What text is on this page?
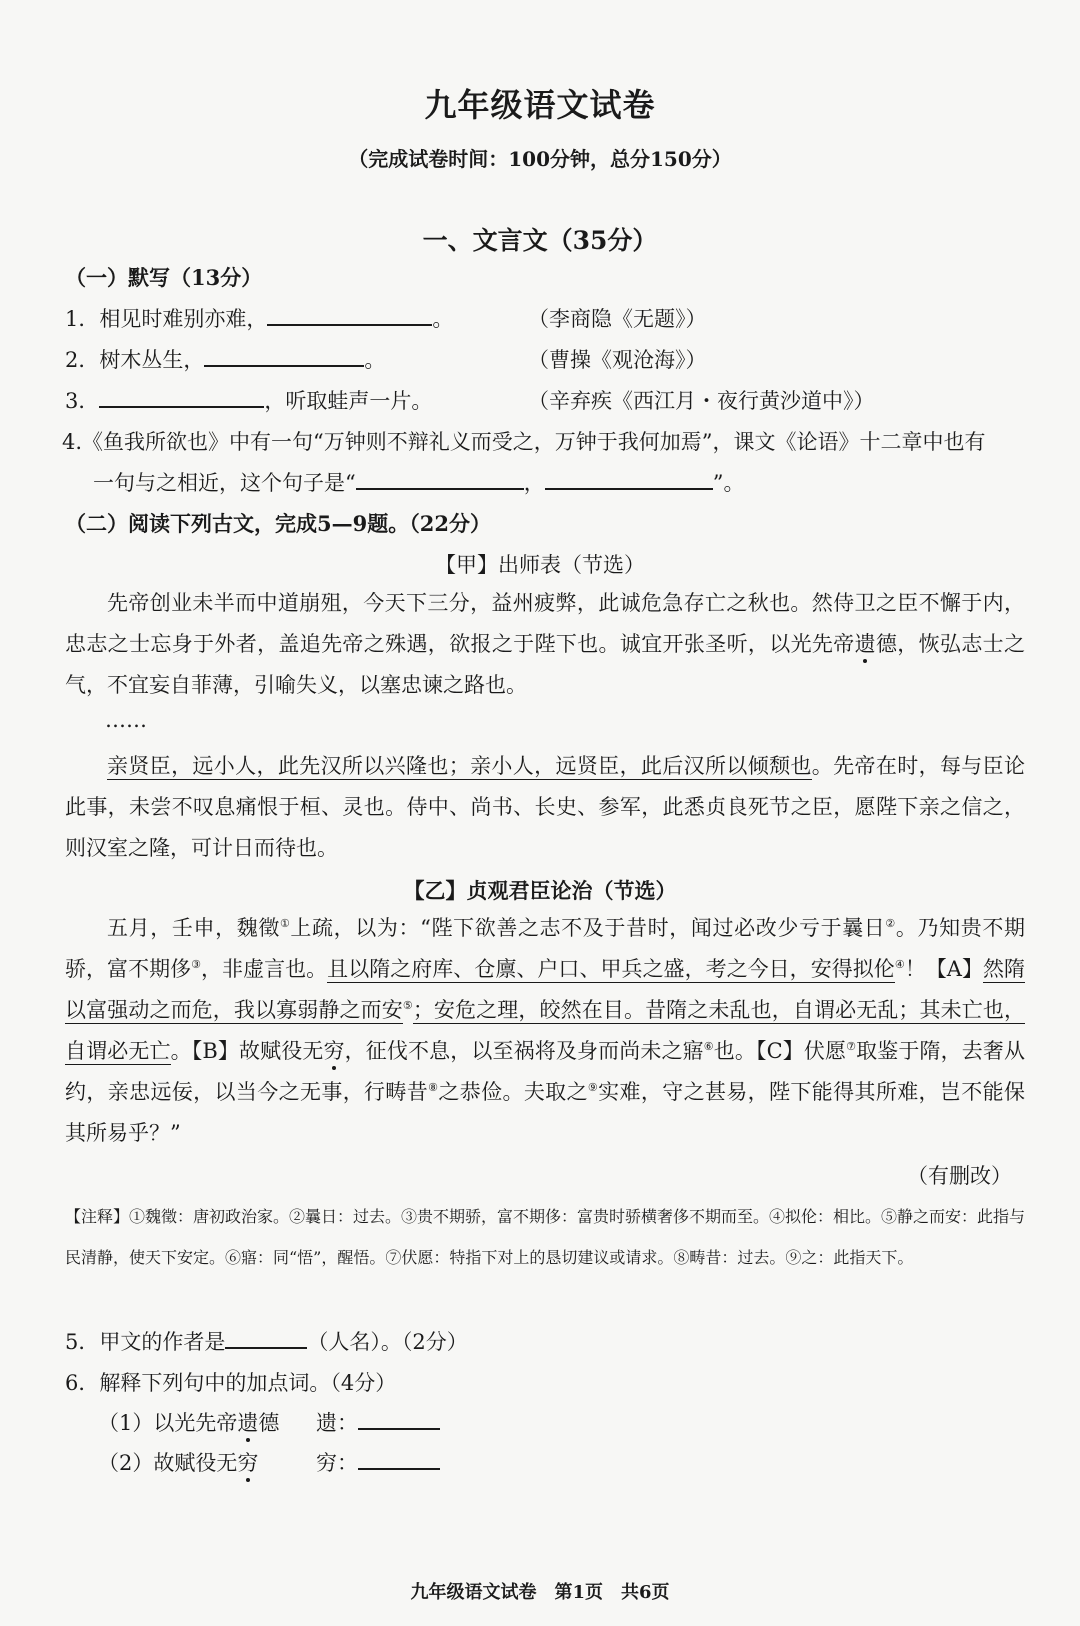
九年级语文试卷
（完成试卷时间：100分钟，总分150分）
一、文言文（35分）
（一）默写（13分）
1．相见时难别亦难，	。	（李商隐《无题》）
2．树木丛生，	。	（曹操《观沧海》）
3．	，听取蛙声一片。	（辛弃疾《西江月・夜行黄沙道中》）
4.《鱼我所欲也》中有一句“万钟则不辩礼义而受之，万钟于我何加焉”，课文《论语》十二章中也有
一句与之相近，这个句子是“	，	”。
（二）阅读下列古文，完成5—9题。（22分）
【甲】出师表（节选）
先帝创业未半而中道崩殂，今天下三分，益州疲弊，此诚危急存亡之秋也。然侍卫之臣不懈于内，忠志之士忘身于外者，盖追先帝之殊遇，欲报之于陛下也。诚宜开张圣听，以光先帝遗德，恢弘志士之气，不宜妄自菲薄，引喻失义，以塞忠谏之路也。
……
亲贤臣，远小人，此先汉所以兴隆也；亲小人，远贤臣，此后汉所以倾颓也。先帝在时，每与臣论此事，未尝不叹息痛恨于桓、灵也。侍中、尚书、长史、参军，此悉贞良死节之臣，愿陛下亲之信之，则汉室之隆，可计日而待也。
【乙】贞观君臣论治（节选）
五月，壬申，魏徵①上疏，以为：“陛下欲善之志不及于昔时，闻过必改少亏于曩日②。乃知贵不期骄，富不期侈③，非虚言也。且以隋之府库、仓廪、户口、甲兵之盛，考之今日，安得拟伦④！【A】然隋以富强动之而危，我以寡弱静之而安⑤；安危之理，皎然在目。昔隋之未乱也，自谓必无乱；其未亡也，自谓必无亡。【B】故赋役无穷，征伐不息，以至祸将及身而尚未之寤⑥也。【C】伏愿⑦取鉴于隋，去奢从约，亲忠远佞，以当今之无事，行畴昔⑧之恭俭。夫取之⑨实难，守之甚易，陛下能得其所难，岂不能保其所易乎？”
（有删改）
【注释】①魏徵：唐初政治家。②曩日：过去。③贵不期骄，富不期侈：富贵时骄横奢侈不期而至。④拟伦：相比。⑤静之而安：此指与民清静，使天下安定。⑥寤：同“悟”，醒悟。⑦伏愿：特指下对上的恳切建议或请求。⑧畴昔：过去。⑨之：此指天下。
5．甲文的作者是	（人名）。（2分）
6．解释下列句中的加点词。（4分）
（1）以光先帝遗德 遗：
（2）故赋役无穷	穷：
九年级语文试卷　第1页　共6页
